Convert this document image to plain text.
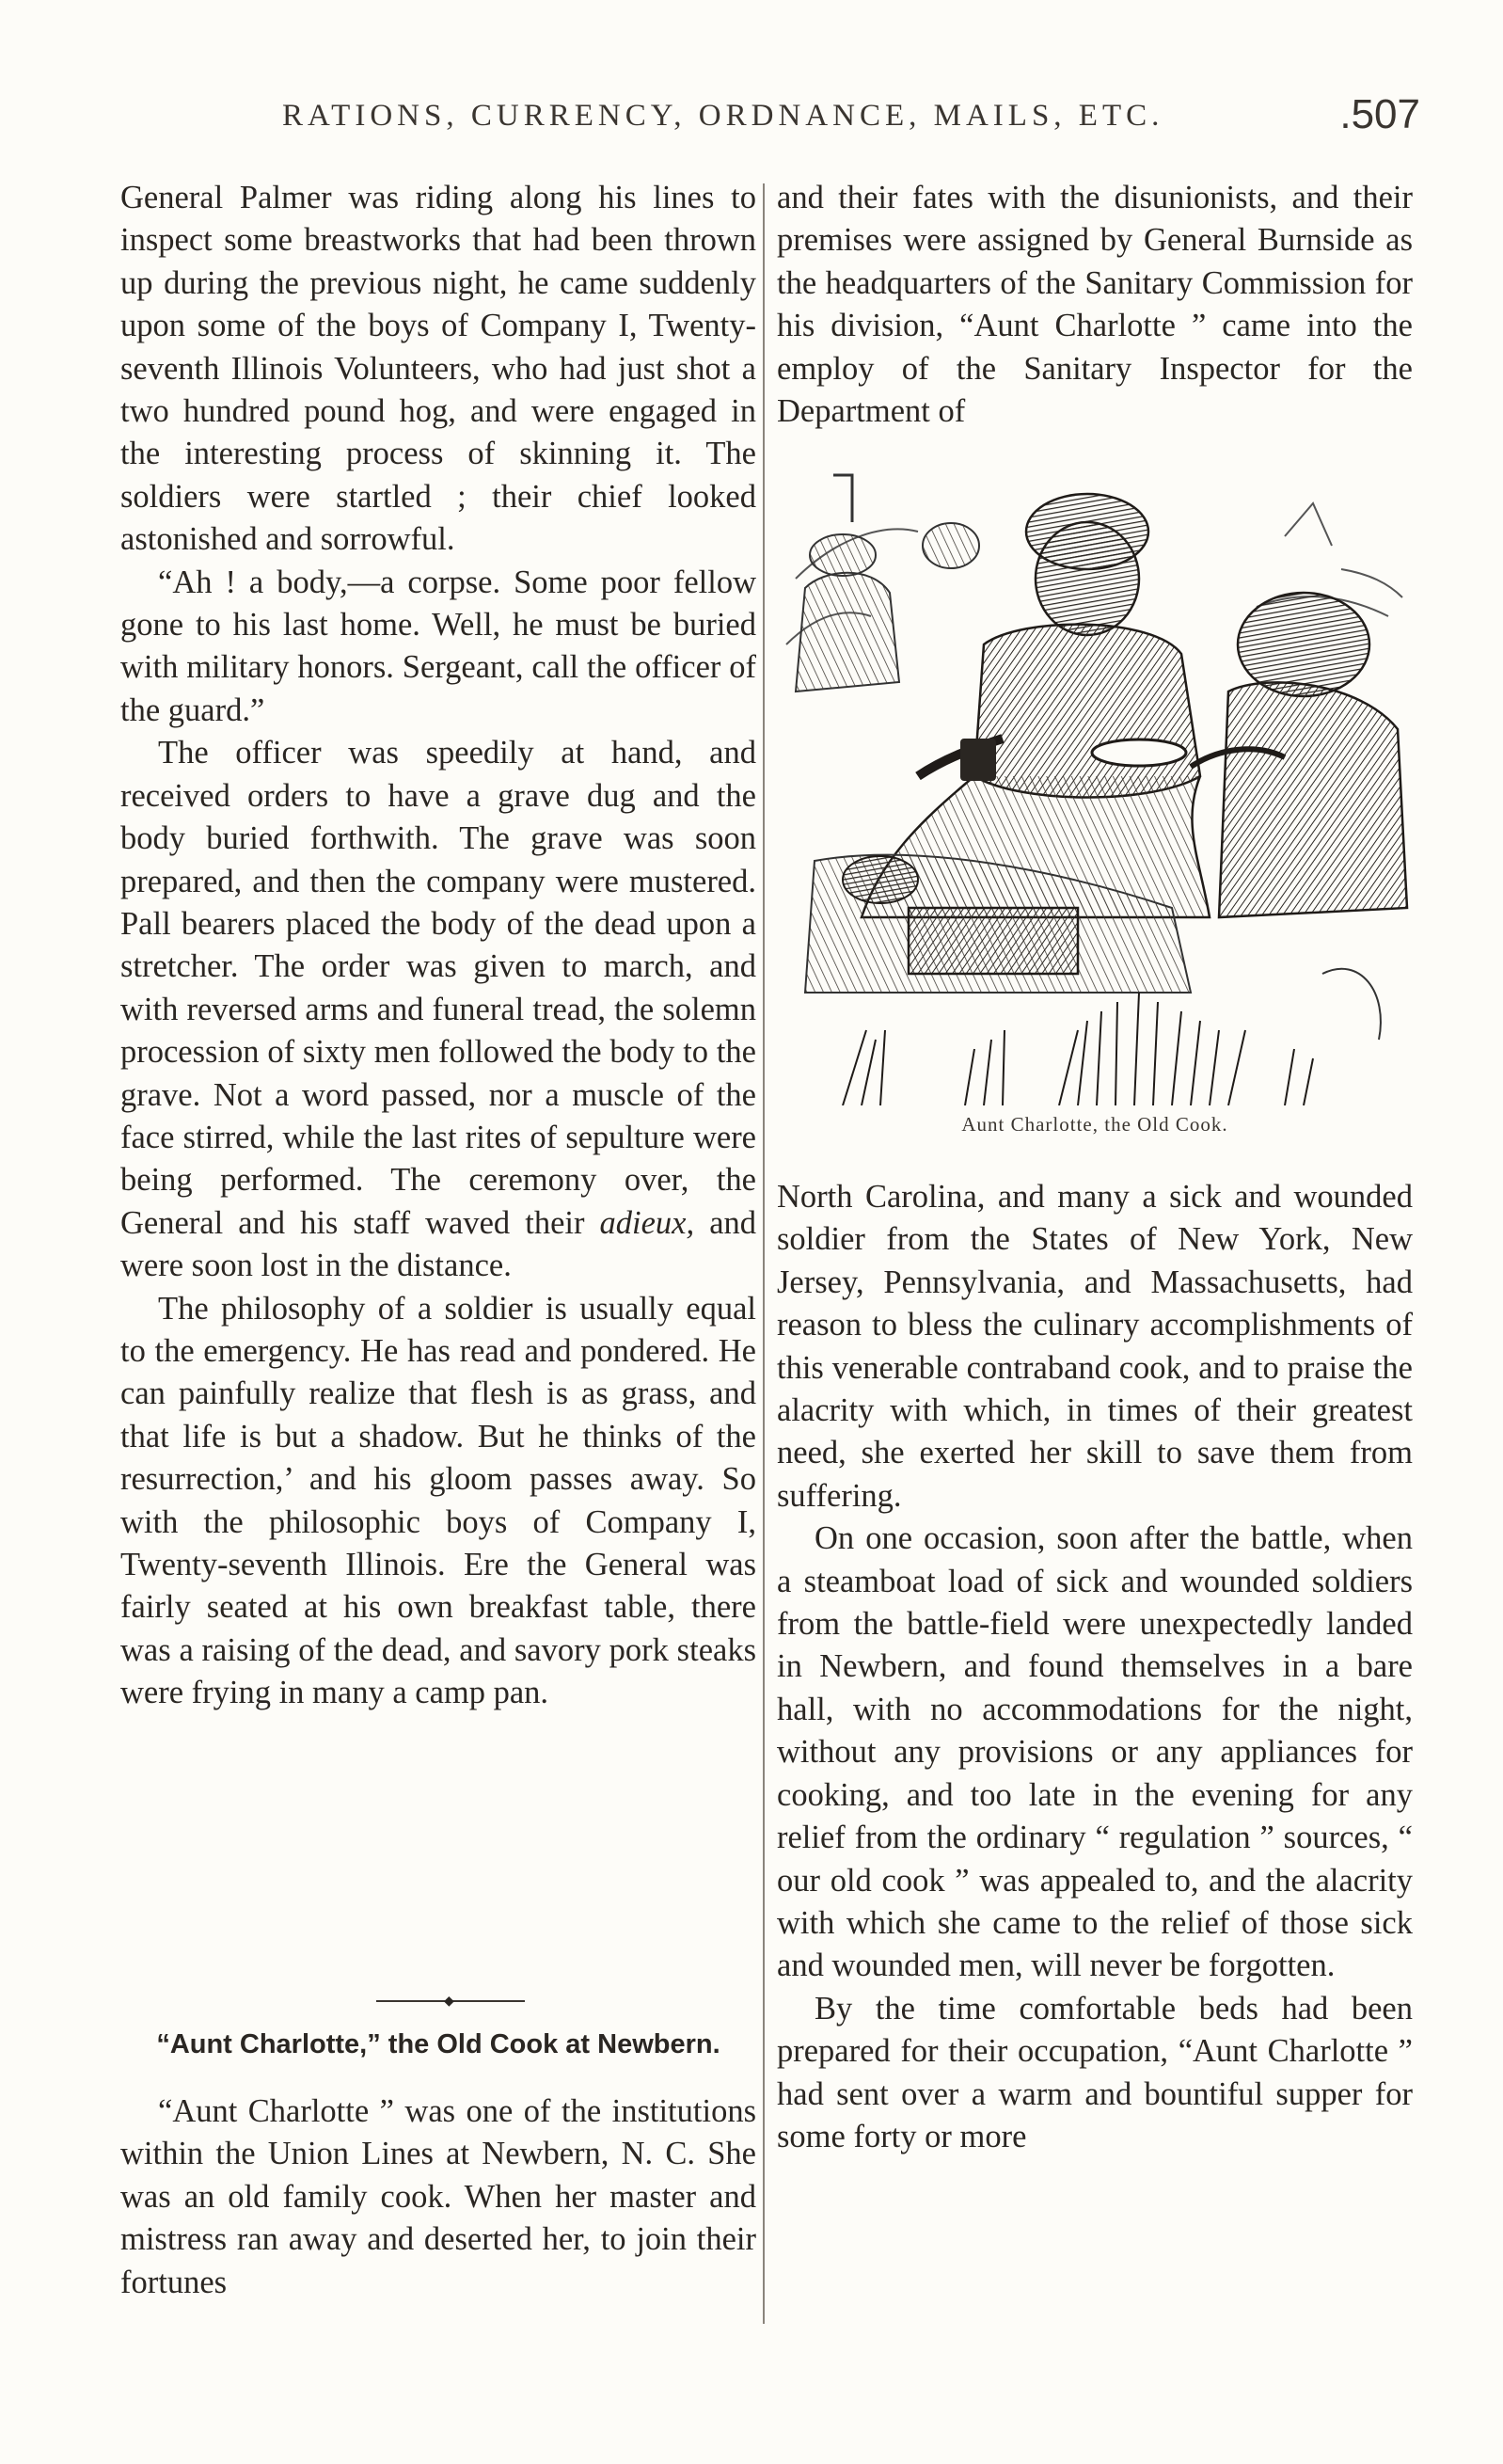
RATIONS, CURRENCY, ORDNANCE, MAILS, ETC.	.507

General Palmer was riding along his lines to inspect some breastworks that had been thrown up during the previous night, he came suddenly upon some of the boys of Company I, Twenty-seventh Illinois Volunteers, who had just shot a two hundred pound hog, and were engaged in the interesting process of skinning it. The soldiers were startled ; their chief looked astonished and sorrowful.

“Ah ! a body,—a corpse. Some poor fellow gone to his last home. Well, he must be buried with military honors. Sergeant, call the officer of the guard.”

The officer was speedily at hand, and received orders to have a grave dug and the body buried forthwith. The grave was soon prepared, and then the company were mustered. Pall bearers placed the body of the dead upon a stretcher. The order was given to march, and with reversed arms and funeral tread, the solemn procession of sixty men followed the body to the grave. Not a word passed, nor a muscle of the face stirred, while the last rites of sepulture were being performed. The ceremony over, the General and his staff waved their adieux, and were soon lost in the distance.

The philosophy of a soldier is usually equal to the emergency. He has read and pondered. He can painfully realize that flesh is as grass, and that life is but a shadow. But he thinks of the resurrection,’ and his gloom passes away. So with the philosophic boys of Company I, Twenty-seventh Illinois. Ere the General was fairly seated at his own breakfast table, there was a raising of the dead, and savory pork steaks were frying in many a camp pan.

◆
“Aunt Charlotte,” the Old Cook at Newbern.

“Aunt Charlotte ” was one of the institutions within the Union Lines at Newbern, N. C. She was an old family cook. When her master and mistress ran away and deserted her, to join their fortunes

and their fates with the disunionists, and their premises were assigned by General Burnside as the headquarters of the Sanitary Commission for his division, “Aunt Charlotte ” came into the employ of the Sanitary Inspector for the Department of

Aunt Charlotte, the Old Cook.

North Carolina, and many a sick and wounded soldier from the States of New York, New Jersey, Pennsylvania, and Massachusetts, had reason to bless the culinary accomplishments of this venerable contraband cook, and to praise the alacrity with which, in times of their greatest need, she exerted her skill to save them from suffering.

On one occasion, soon after the battle, when a steamboat load of sick and wounded soldiers from the battle-field were unexpectedly landed in Newbern, and found themselves in a bare hall, with no accommodations for the night, without any provisions or any appliances for cooking, and too late in the evening for any relief from the ordinary “ regulation ” sources, “ our old cook ” was appealed to, and the alacrity with which she came to the relief of those sick and wounded men, will never be forgotten.

By the time comfortable beds had been prepared for their occupation, “Aunt Charlotte ” had sent over a warm and bountiful supper for some forty or more
